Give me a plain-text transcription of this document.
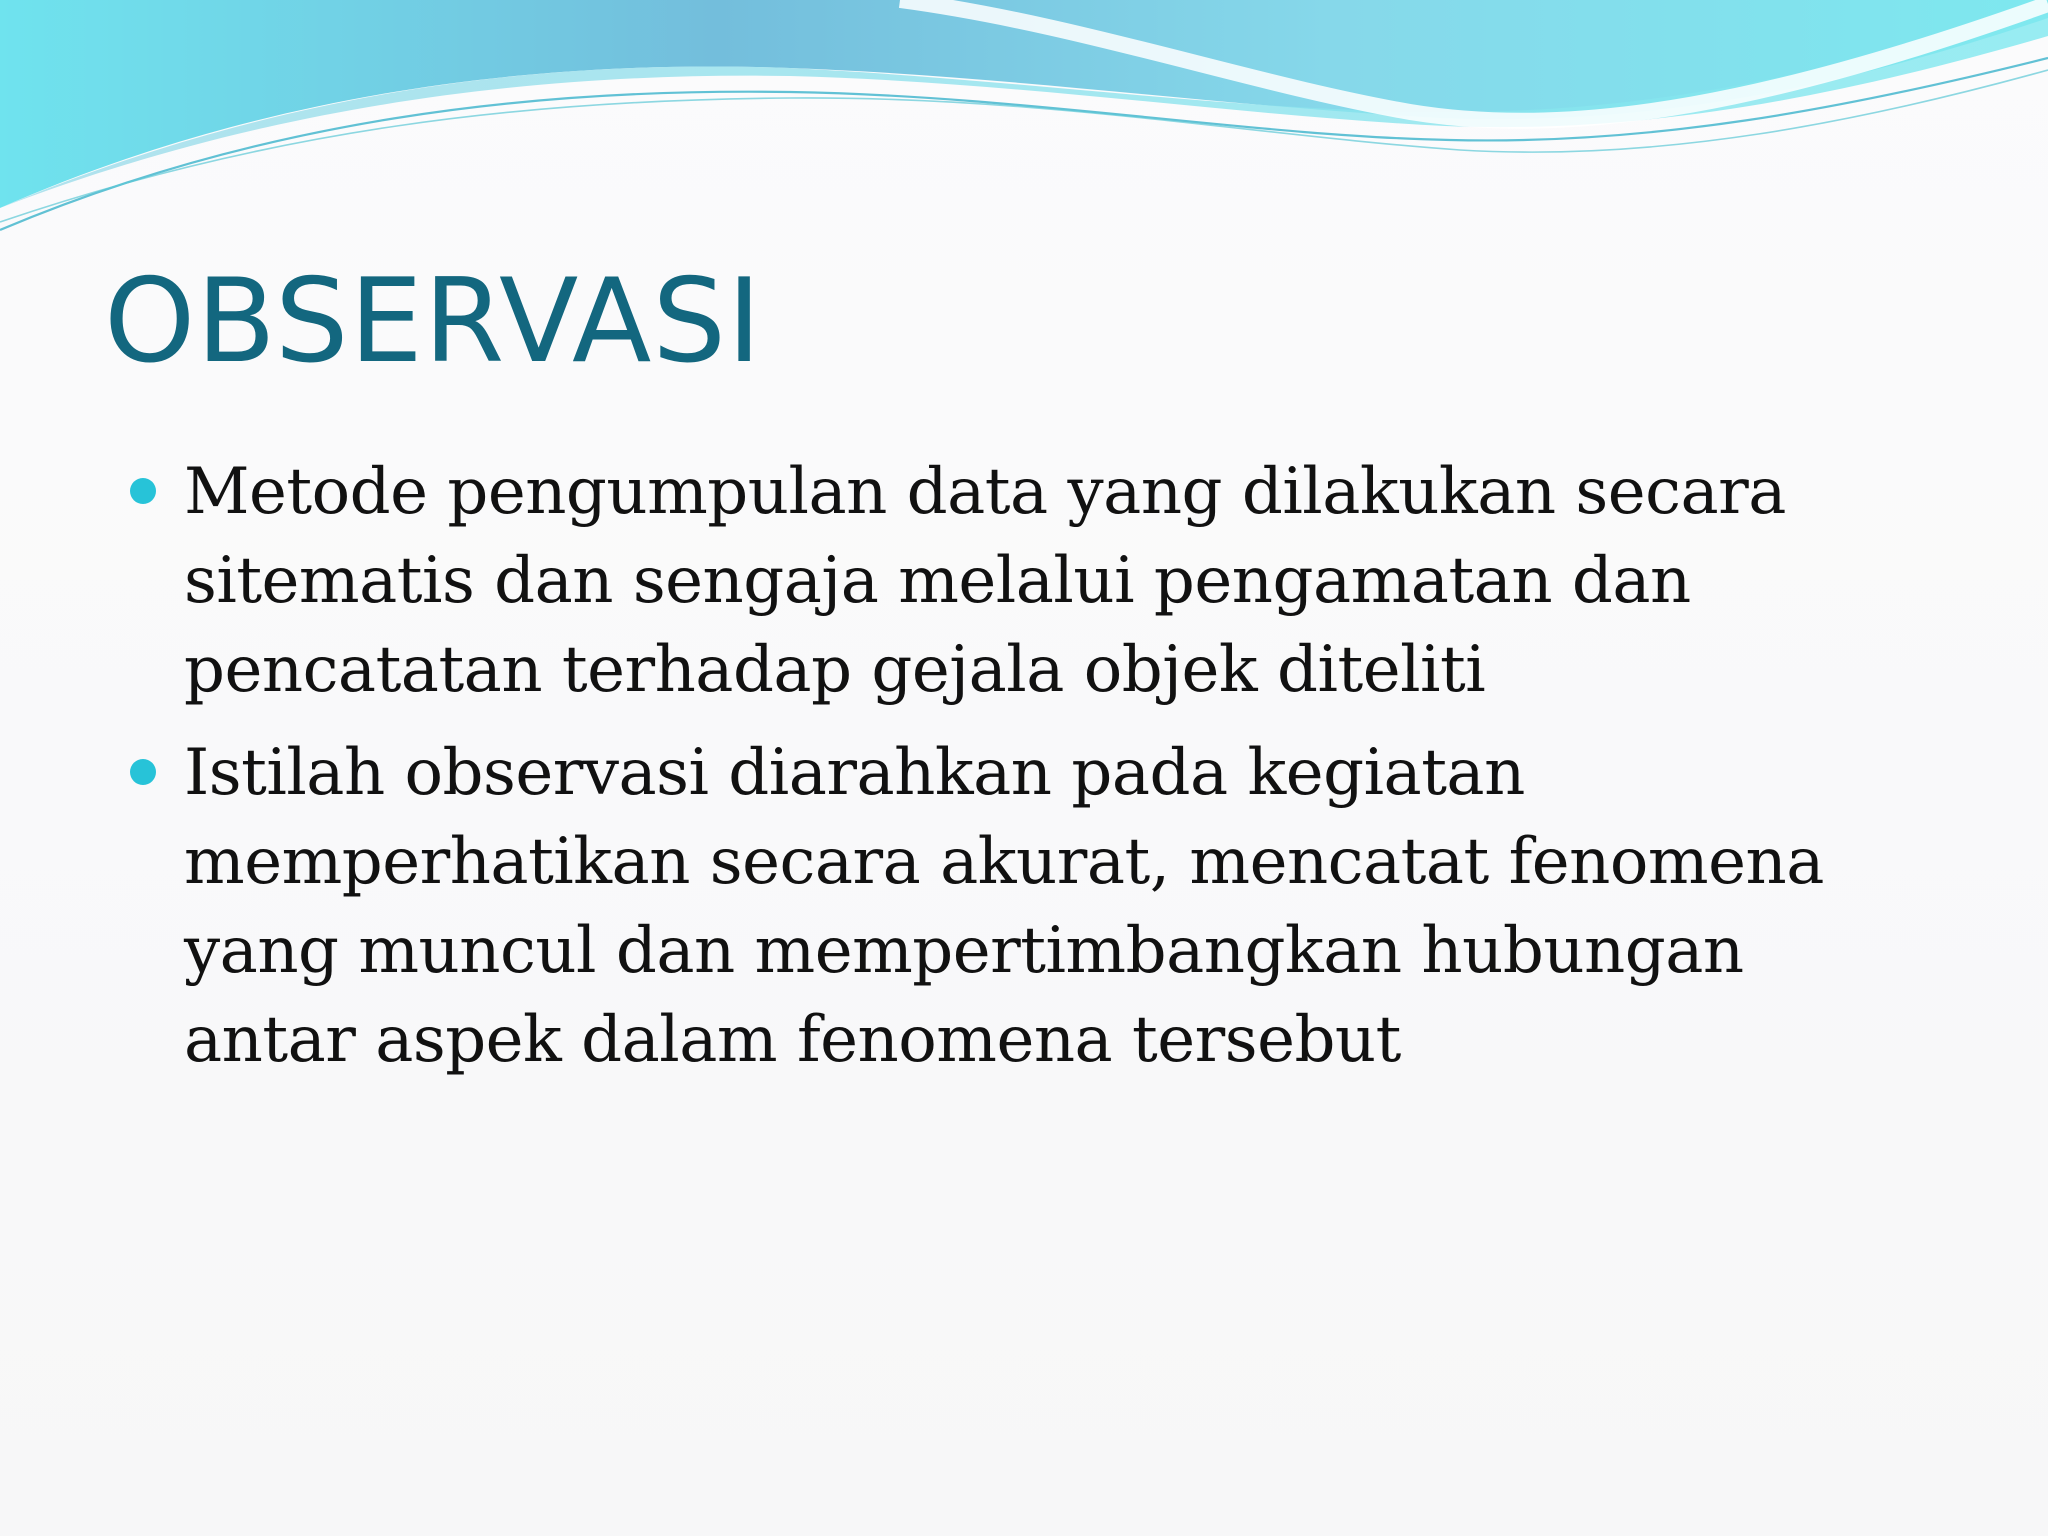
OBSERVASI
Metode pengumpulan data yang dilakukan secara
sitematis dan sengaja melalui pengamatan dan
pencatatan terhadap gejala objek diteliti
Istilah observasi diarahkan pada kegiatan
memperhatikan secara akurat, mencatat fenomena
yang muncul dan mempertimbangkan hubungan
antar aspek dalam fenomena tersebut
